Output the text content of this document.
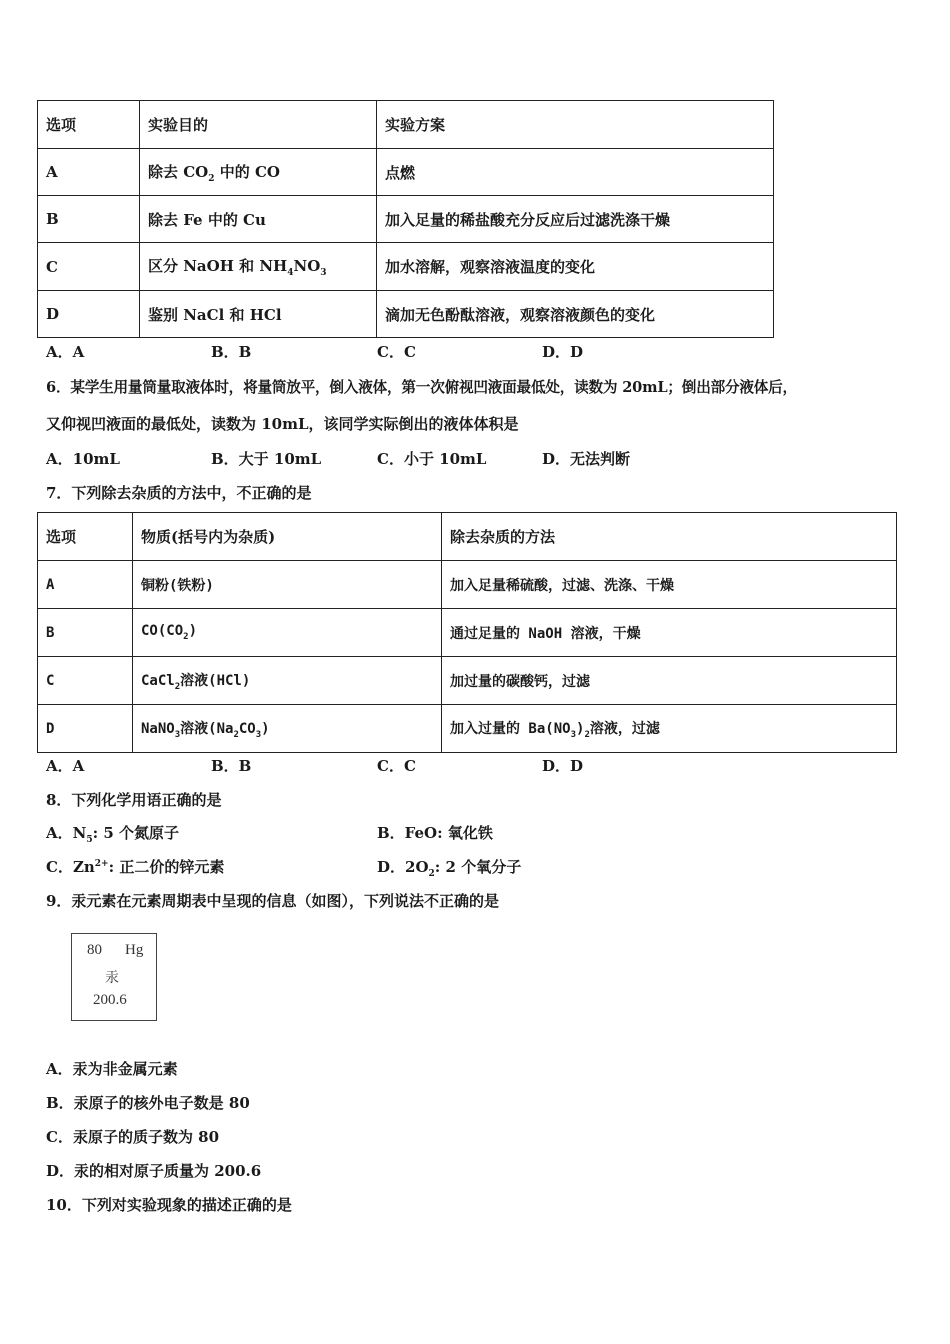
选项	实验目的	实验方案
A	除去 $CO_2$ 中的 CO	点燃
B	除去 Fe 中的 Cu	加入足量的稀盐酸充分反应后过滤洗涤干燥
C	区分 NaOH 和 $NH_4NO_3$	加水溶解，观察溶液温度的变化
D	鉴别 NaCl 和 HCl	滴加无色酚酞溶液，观察溶液颜色的变化
A．A	B．B	C．C	D．D
6．某学生用量筒量取液体时，将量筒放平，倒入液体，第一次俯视凹液面最低处，读数为 20mL；倒出部分液体后，
又仰视凹液面的最低处，读数为 10mL，该同学实际倒出的液体体积是
A．10mL	B．大于 10mL	C．小于 10mL	D．无法判断
7．下列除去杂质的方法中，不正确的是
选项	物质(括号内为杂质)	除去杂质的方法
A	铜粉(铁粉)	加入足量稀硫酸，过滤、洗涤、干燥
B	$CO(CO_2)$	通过足量的 NaOH 溶液，干燥
C	CaCl$_2$溶液(HCl)	加过量的碳酸钙，过滤
D	NaNO$_3$溶液$(Na_2CO_3)$	加入过量的 $Ba(NO_3)_2$溶液，过滤
A．A	B．B	C．C	D．D
8．下列化学用语正确的是
A．$N_5$: 5 个氮原子	B．FeO: 氧化铁
C．$Zn^{2+}$: 正二价的锌元素	D．$2O_2$: 2 个氧分子
9．汞元素在元素周期表中呈现的信息（如图），下列说法不正确的是
80 Hg
汞
200.6
A．汞为非金属元素
B．汞原子的核外电子数是 80
C．汞原子的质子数为 80
D．汞的相对原子质量为 200.6
10．下列对实验现象的描述正确的是
